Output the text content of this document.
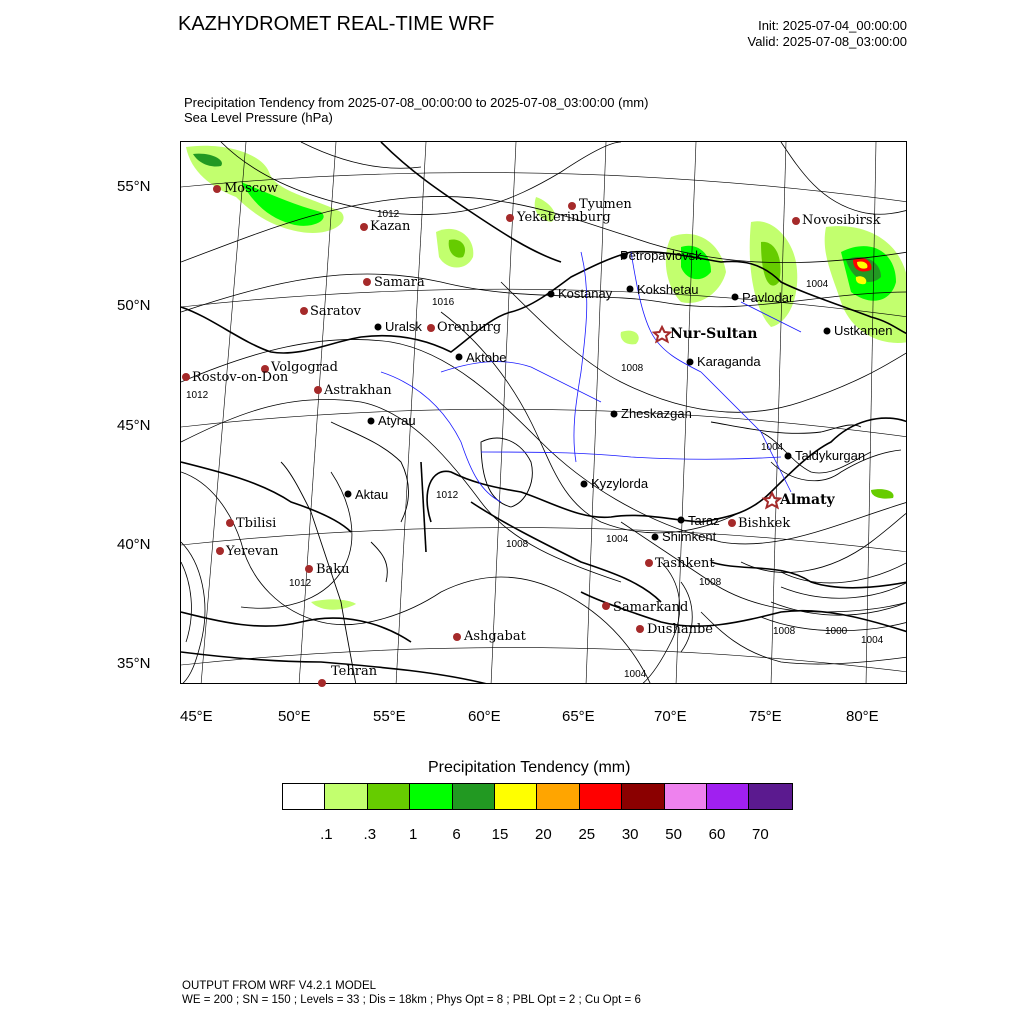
KAZHYDROMET REAL-TIME WRF	Init: 2025-07-04_00:00:00
Valid: 2025-07-08_03:00:00
Precipitation Tendency from 2025-07-08_00:00:00 to 2025-07-08_03:00:00 (mm)
Sea Level Pressure (hPa)
1012
1016
1004
1008
1012
1004
1012
1008	1004
1008
1012
1008	1000
1004
1004
Moscow
Kazan
Tyumen
Yekaterinburg	Novosibirsk
Samara
Saratov
Orenburg
Volgograd
Rostov-on-Don
Astrakhan
Tbilisi
Yerevan
Baku
Ashgabat
Tehran
Samarkand
Dushanbe
Tashkent
Bishkek
Petropavlovsk
Kostanay Kokshetau
Pavlodar
Ustkamen
Uralsk
Aktobe	Karaganda
Atyrau	Zheskazgan
Taldykurgan
Aktau
Kyzylorda
Taraz
Shimkent
Nur-Sultan
Almaty
55°N
50°N
45°N
40°N
35°N
45°E	50°E	55°E	60°E	65°E	70°E	75°E	80°E
Precipitation Tendency (mm)
.1 .3 1 6 15 20 25 30 50 60 70
OUTPUT FROM WRF V4.2.1 MODEL
WE = 200 ; SN = 150 ; Levels = 33 ; Dis = 18km ; Phys Opt = 8 ; PBL Opt = 2 ; Cu Opt = 6
